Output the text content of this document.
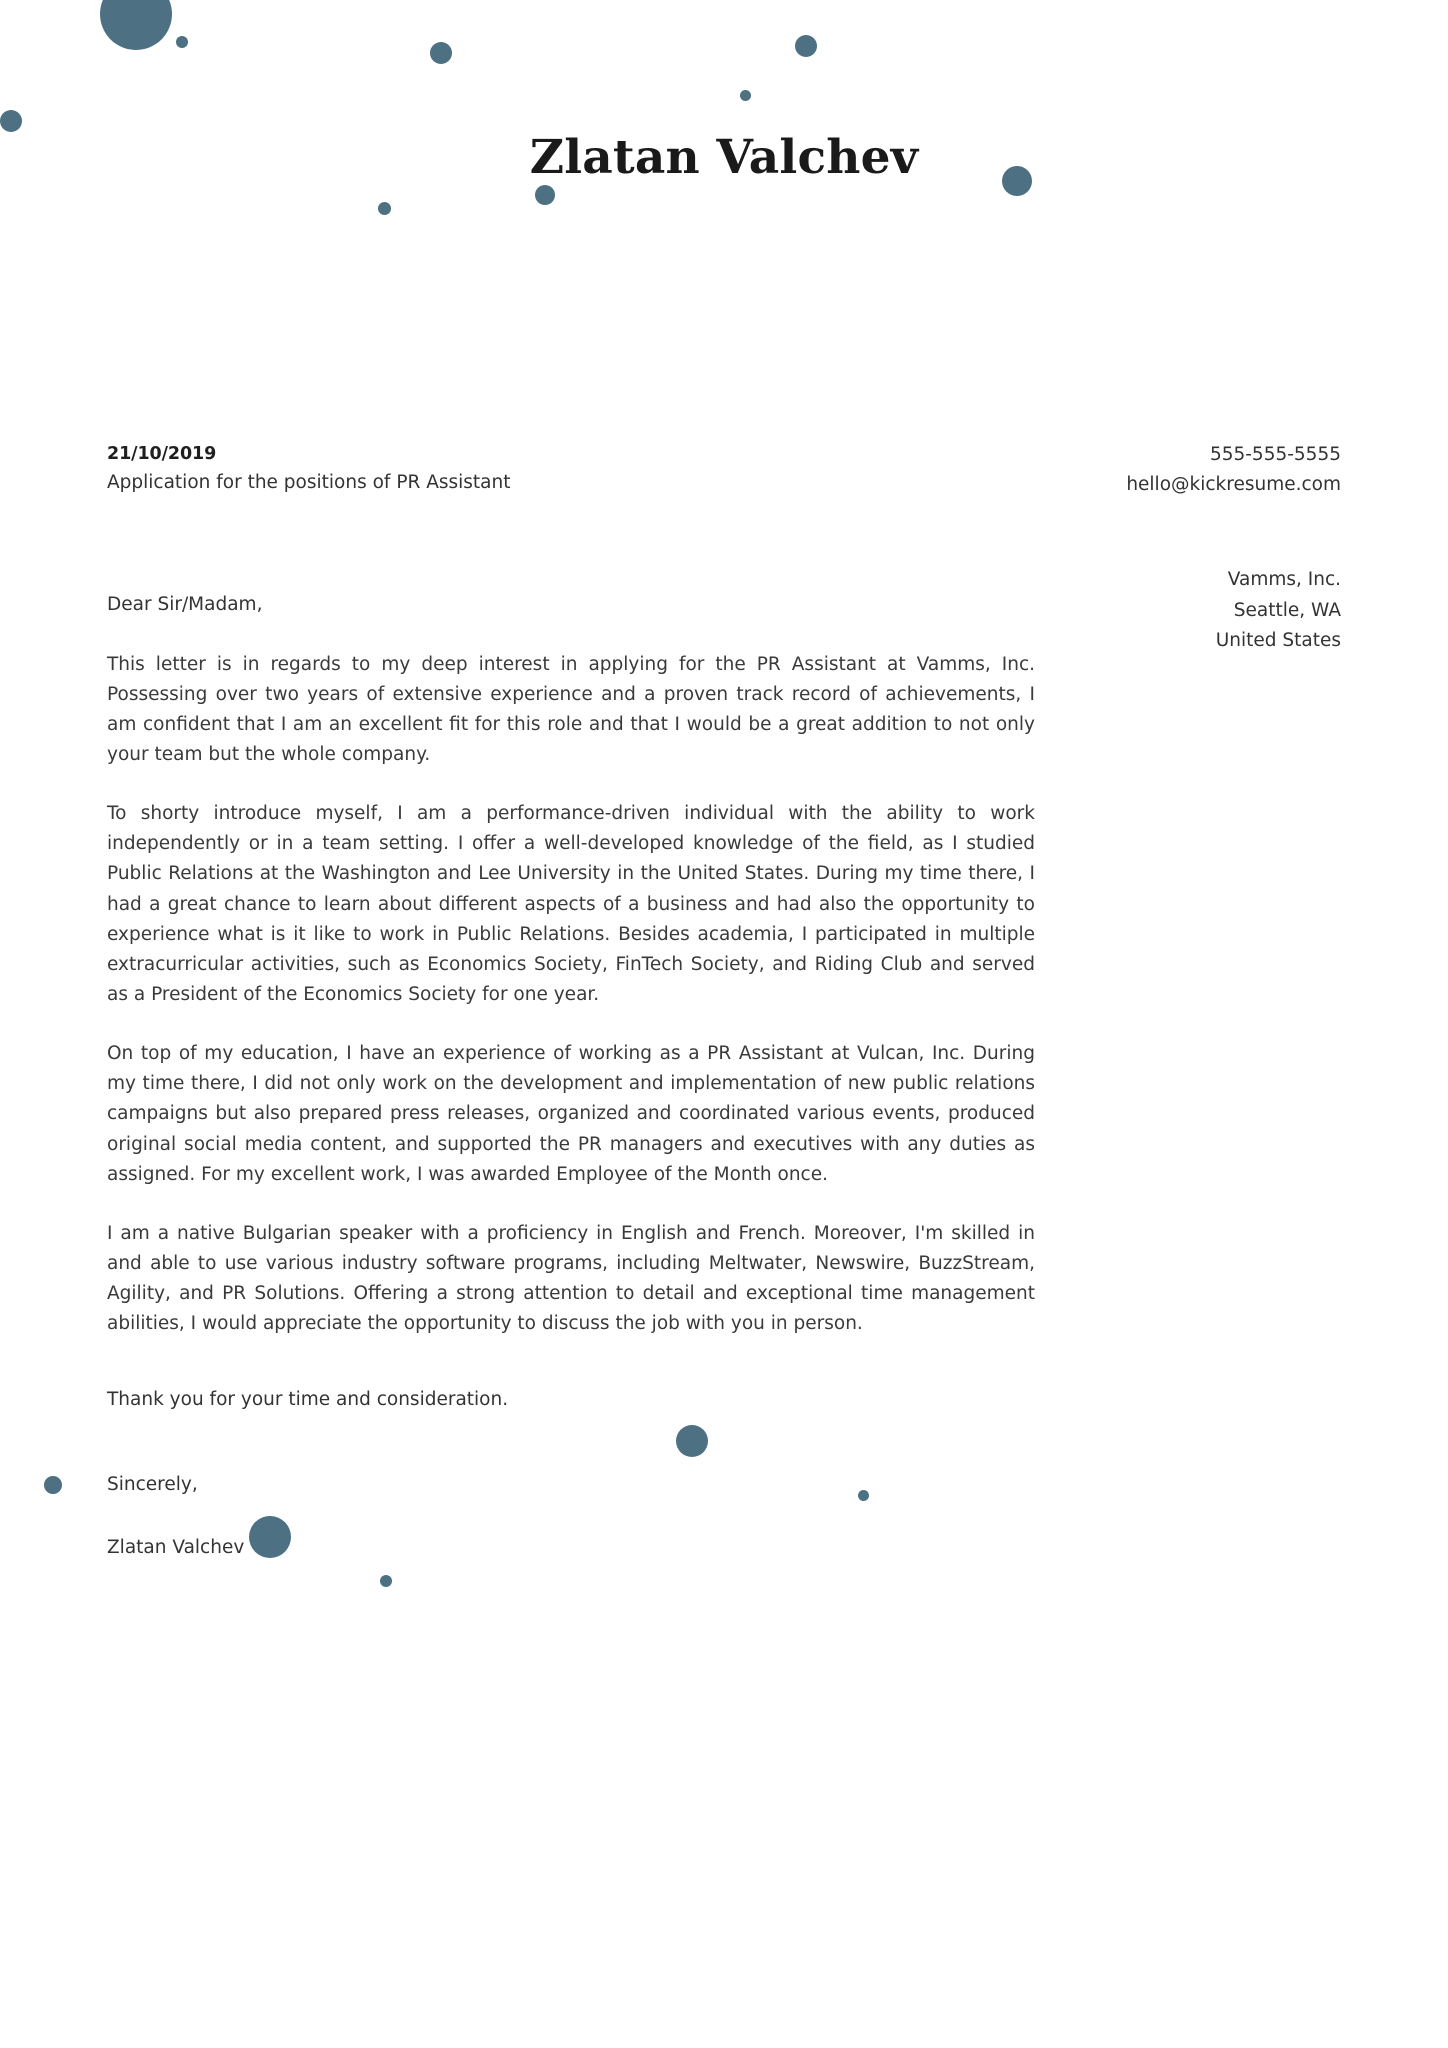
Zlatan Valchev
21/10/2019
Application for the positions of PR Assistant
555-555-5555
hello@kickresume.com
Vamms, Inc.
Seattle, WA
United States
Dear Sir/Madam,

This letter is in regards to my deep interest in applying for the PR Assistant at Vamms, Inc. Possessing over two years of extensive experience and a proven track record of achievements, I am confident that I am an excellent fit for this role and that I would be a great addition to not only your team but the whole company.

To shorty introduce myself, I am a performance-driven individual with the ability to work independently or in a team setting. I offer a well-developed knowledge of the field, as I studied Public Relations at the Washington and Lee University in the United States. During my time there, I had a great chance to learn about different aspects of a business and had also the opportunity to experience what is it like to work in Public Relations. Besides academia, I participated in multiple extracurricular activities, such as Economics Society, FinTech Society, and Riding Club and served as a President of the Economics Society for one year.

On top of my education, I have an experience of working as a PR Assistant at Vulcan, Inc. During my time there, I did not only work on the development and implementation of new public relations campaigns but also prepared press releases, organized and coordinated various events, produced original social media content, and supported the PR managers and executives with any duties as assigned. For my excellent work, I was awarded Employee of the Month once.

I am a native Bulgarian speaker with a proficiency in English and French. Moreover, I'm skilled in and able to use various industry software programs, including Meltwater, Newswire, BuzzStream, Agility, and PR Solutions. Offering a strong attention to detail and exceptional time management abilities, I would appreciate the opportunity to discuss the job with you in person.

Thank you for your time and consideration.
Sincerely,
Zlatan Valchev
